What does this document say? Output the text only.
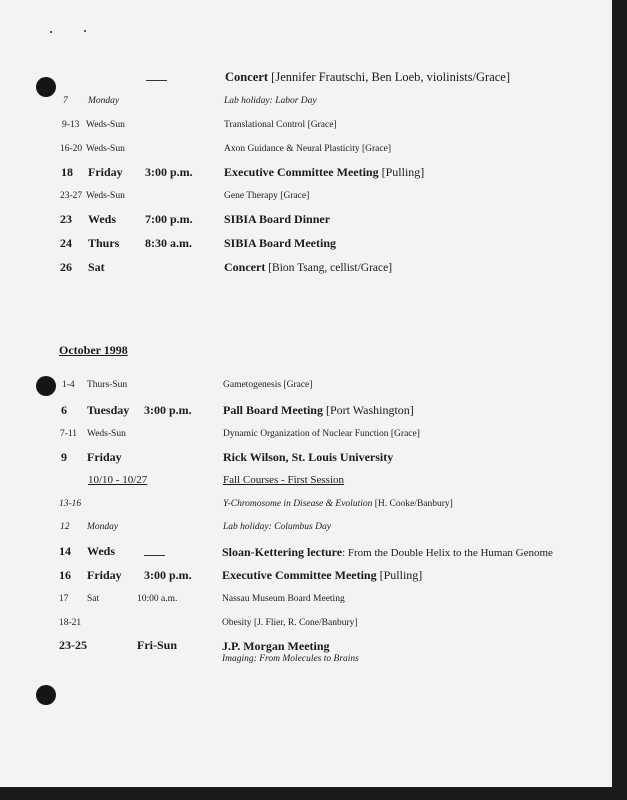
Concert [Jennifer Frautschi, Ben Loeb, violinists/Grace]
7 Monday	Lab holiday: Labor Day
9-13 Weds-Sun	Translational Control [Grace]
16-20 Weds-Sun	Axon Guidance & Neural Plasticity [Grace]
18 Friday 3:00 p.m.	Executive Committee Meeting [Pulling]
23-27 Weds-Sun	Gene Therapy [Grace]
23 Weds 7:00 p.m.	SIBIA Board Dinner
24 Thurs 8:30 a.m.	SIBIA Board Meeting
26 Sat	Concert [Bion Tsang, cellist/Grace]
October 1998
1-4 Thurs-Sun	Gametogenesis [Grace]
6 Tuesday 3:00 p.m.	Pall Board Meeting [Port Washington]
7-11 Weds-Sun	Dynamic Organization of Nuclear Function [Grace]
9 Friday	Rick Wilson, St. Louis University
10/10 - 10/27	Fall Courses - First Session
13-16	Y-Chromosome in Disease & Evolution [H. Cooke/Banbury]
12 Monday	Lab holiday: Columbus Day
14 Weds	Sloan-Kettering lecture: From the Double Helix to the Human Genome
16 Friday 3:00 p.m.	Executive Committee Meeting [Pulling]
17 Sat	10:00 a.m.	Nassau Museum Board Meeting
18-21	Obesity [J. Flier, R. Cone/Banbury]
23-25	Fri-Sun	J.P. Morgan Meeting
Imaging: From Molecules to Brains
